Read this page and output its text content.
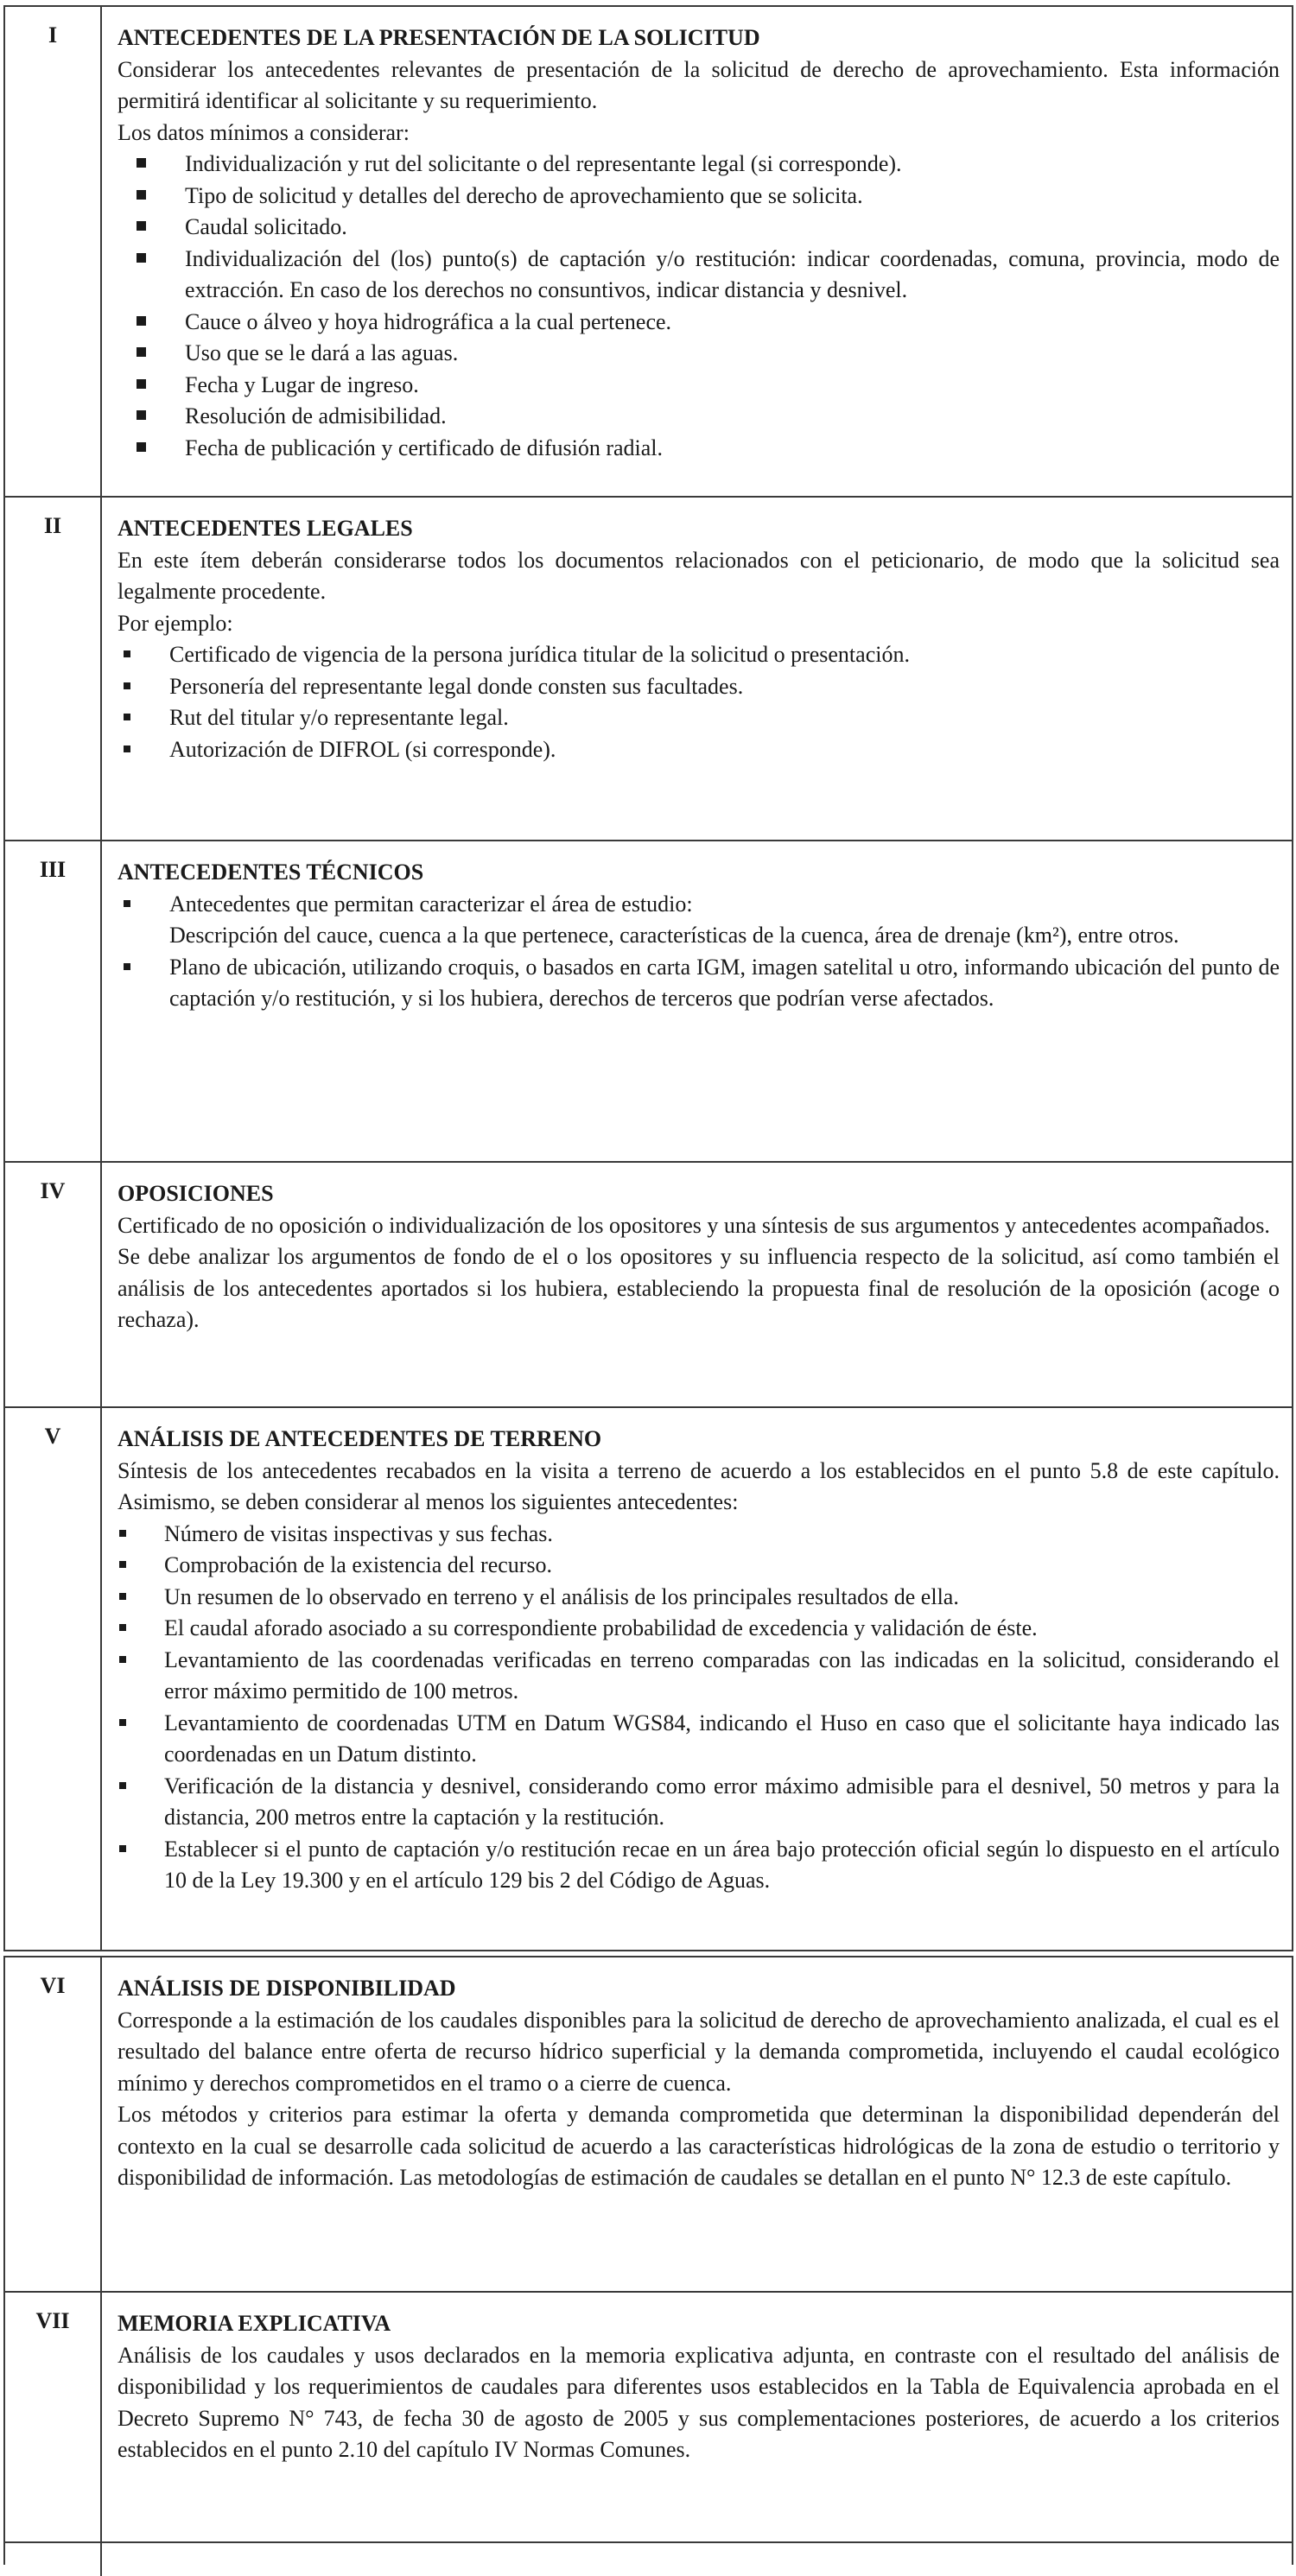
I	ANTECEDENTES DE LA PRESENTACIÓN DE LA SOLICITUD
Considerar los antecedentes relevantes de presentación de la solicitud de derecho de aprovechamiento. Esta información permitirá identificar al solicitante y su requerimiento.
Los datos mínimos a considerar:
Individualización y rut del solicitante o del representante legal (si corresponde).
Tipo de solicitud y detalles del derecho de aprovechamiento que se solicita.
Caudal solicitado.
Individualización del (los) punto(s) de captación y/o restitución: indicar coordenadas, comuna, provincia, modo de extracción. En caso de los derechos no consuntivos, indicar distancia y desnivel.
Cauce o álveo y hoya hidrográfica a la cual pertenece.
Uso que se le dará a las aguas.
Fecha y Lugar de ingreso.
Resolución de admisibilidad.
Fecha de publicación y certificado de difusión radial.
II	ANTECEDENTES LEGALES
En este ítem deberán considerarse todos los documentos relacionados con el peticionario, de modo que la solicitud sea legalmente procedente.
Por ejemplo:
Certificado de vigencia de la persona jurídica titular de la solicitud o presentación.
Personería del representante legal donde consten sus facultades.
Rut del titular y/o representante legal.
Autorización de DIFROL (si corresponde).
III	ANTECEDENTES TÉCNICOS
Antecedentes que permitan caracterizar el área de estudio:
Descripción del cauce, cuenca a la que pertenece, características de la cuenca, área de drenaje (km²), entre otros.
Plano de ubicación, utilizando croquis, o basados en carta IGM, imagen satelital u otro, informando ubicación del punto de captación y/o restitución, y si los hubiera, derechos de terceros que podrían verse afectados.
IV	OPOSICIONES
Certificado de no oposición o individualización de los opositores y una síntesis de sus argumentos y antecedentes acompañados.
Se debe analizar los argumentos de fondo de el o los opositores y su influencia respecto de la solicitud, así como también el análisis de los antecedentes aportados si los hubiera, estableciendo la propuesta final de resolución de la oposición (acoge o rechaza).
V	ANÁLISIS DE ANTECEDENTES DE TERRENO
Síntesis de los antecedentes recabados en la visita a terreno de acuerdo a los establecidos en el punto 5.8 de este capítulo. Asimismo, se deben considerar al menos los siguientes antecedentes:
Número de visitas inspectivas y sus fechas.
Comprobación de la existencia del recurso.
Un resumen de lo observado en terreno y el análisis de los principales resultados de ella.
El caudal aforado asociado a su correspondiente probabilidad de excedencia y validación de éste.
Levantamiento de las coordenadas verificadas en terreno comparadas con las indicadas en la solicitud, considerando el error máximo permitido de 100 metros.
Levantamiento de coordenadas UTM en Datum WGS84, indicando el Huso en caso que el solicitante haya indicado las coordenadas en un Datum distinto.
Verificación de la distancia y desnivel, considerando como error máximo admisible para el desnivel, 50 metros y para la distancia, 200 metros entre la captación y la restitución.
Establecer si el punto de captación y/o restitución recae en un área bajo protección oficial según lo dispuesto en el artículo 10 de la Ley 19.300 y en el artículo 129 bis 2 del Código de Aguas.
VI	ANÁLISIS DE DISPONIBILIDAD
Corresponde a la estimación de los caudales disponibles para la solicitud de derecho de aprovechamiento analizada, el cual es el resultado del balance entre oferta de recurso hídrico superficial y la demanda comprometida, incluyendo el caudal ecológico mínimo y derechos comprometidos en el tramo o a cierre de cuenca.
Los métodos y criterios para estimar la oferta y demanda comprometida que determinan la disponibilidad dependerán del contexto en la cual se desarrolle cada solicitud de acuerdo a las características hidrológicas de la zona de estudio o territorio y disponibilidad de información. Las metodologías de estimación de caudales se detallan en el punto N° 12.3 de este capítulo.
VII	MEMORIA EXPLICATIVA
Análisis de los caudales y usos declarados en la memoria explicativa adjunta, en contraste con el resultado del análisis de disponibilidad y los requerimientos de caudales para diferentes usos establecidos en la Tabla de Equivalencia aprobada en el Decreto Supremo N° 743, de fecha 30 de agosto de 2005 y sus complementaciones posteriores, de acuerdo a los criterios establecidos en el punto 2.10 del capítulo IV Normas Comunes.
